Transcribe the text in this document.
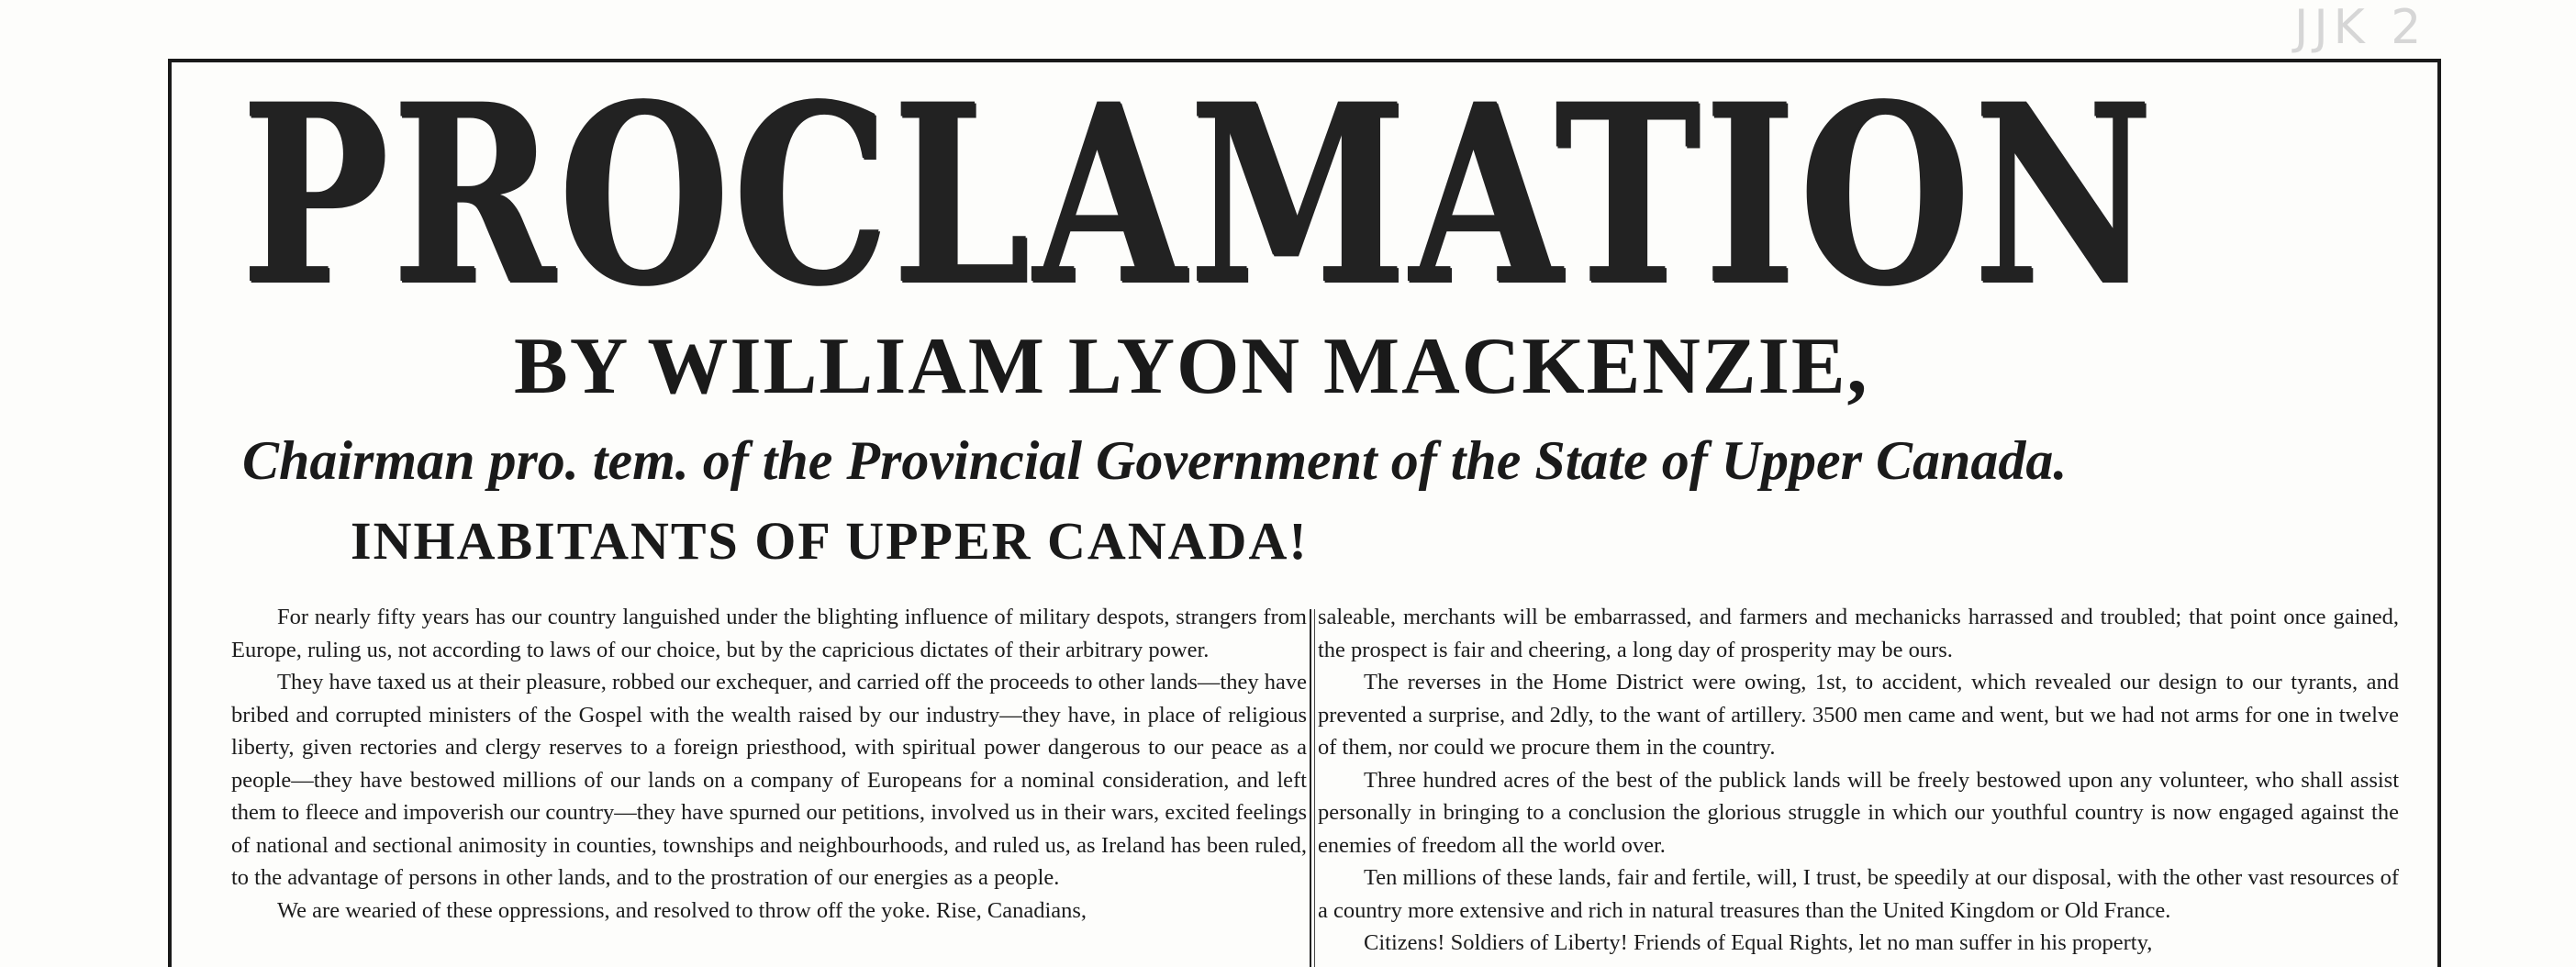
JJK 2
PROCLAMATION
BY WILLIAM LYON MACKENZIE,
Chairman pro. tem. of the Provincial Government of the State of Upper Canada.
INHABITANTS OF UPPER CANADA!

For nearly fifty years has our country languished under the blighting influence of military despots, strangers from Europe, ruling us, not according to laws of our choice, but by the capricious dictates of their arbitrary power.

They have taxed us at their pleasure, robbed our exchequer, and carried off the proceeds to other lands—they have bribed and corrupted ministers of the Gospel with the wealth raised by our industry—they have, in place of religious liberty, given rectories and clergy reserves to a foreign priesthood, with spiritual power dangerous to our peace as a people—they have bestowed millions of our lands on a company of Europeans for a nominal consideration, and left them to fleece and impoverish our country—they have spurned our petitions, involved us in their wars, excited feelings of national and sectional animosity in counties, townships and neighbourhoods, and ruled us, as Ireland has been ruled, to the advantage of persons in other lands, and to the prostration of our energies as a people.

We are wearied of these oppressions, and resolved to throw off the yoke. Rise, Canadians,

saleable, merchants will be embarrassed, and farmers and mechanicks harrassed and troubled; that point once gained, the prospect is fair and cheering, a long day of prosperity may be ours.

The reverses in the Home District were owing, 1st, to accident, which revealed our design to our tyrants, and prevented a surprise, and 2dly, to the want of artillery. 3500 men came and went, but we had not arms for one in twelve of them, nor could we procure them in the country.

Three hundred acres of the best of the publick lands will be freely bestowed upon any volunteer, who shall assist personally in bringing to a conclusion the glorious struggle in which our youthful country is now engaged against the enemies of freedom all the world over.

Ten millions of these lands, fair and fertile, will, I trust, be speedily at our disposal, with the other vast resources of a country more extensive and rich in natural treasures than the United Kingdom or Old France.

Citizens! Soldiers of Liberty! Friends of Equal Rights, let no man suffer in his property,
